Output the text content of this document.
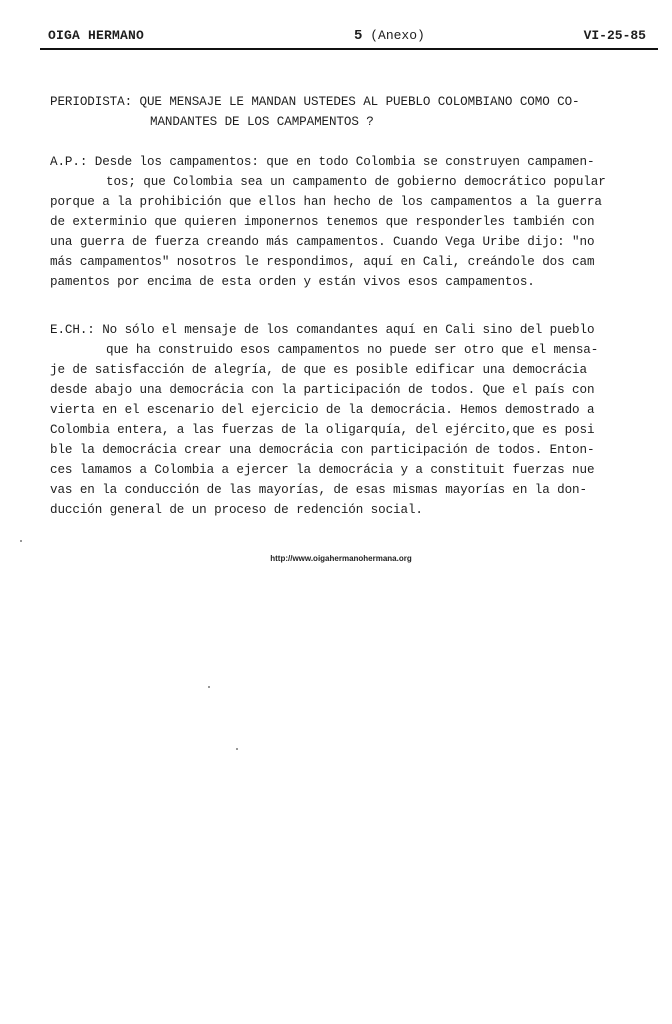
OIGA HERMANO	5 (Anexo)	VI-25-85
PERIODISTA: QUE MENSAJE LE MANDAN USTEDES AL PUEBLO COLOMBIANO COMO CO-
MANDANTES DE LOS CAMPAMENTOS ?
A.P.: Desde los campamentos: que en todo Colombia se construyen campamen-
tos; que Colombia sea un campamento de gobierno democrático popular
porque a la prohibición que ellos han hecho de los campamentos a la guerra
de exterminio que quieren imponernos tenemos que responderles también con
una guerra de fuerza creando más campamentos. Cuando Vega Uribe dijo: "no
más campamentos" nosotros le respondimos, aquí en Cali, creándole dos cam
pamentos por encima de esta orden y están vivos esos campamentos.
E.CH.: No sólo el mensaje de los comandantes aquí en Cali sino del pueblo
que ha construido esos campamentos no puede ser otro que el mensa-
je de satisfacción de alegría, de que es posible edificar una democrácia
desde abajo una democrácia con la participación de todos. Que el país con
vierta en el escenario del ejercicio de la democrácia. Hemos demostrado a
Colombia entera, a las fuerzas de la oligarquía, del ejército,que es posi
ble la democrácia crear una democrácia con participación de todos. Enton-
ces lamamos a Colombia a ejercer la democrácia y a constituit fuerzas nue
vas en la conducción de las mayorías, de esas mismas mayorías en la don-
ducción general de un proceso de redención social.
http://www.oigahermanohermana.org
